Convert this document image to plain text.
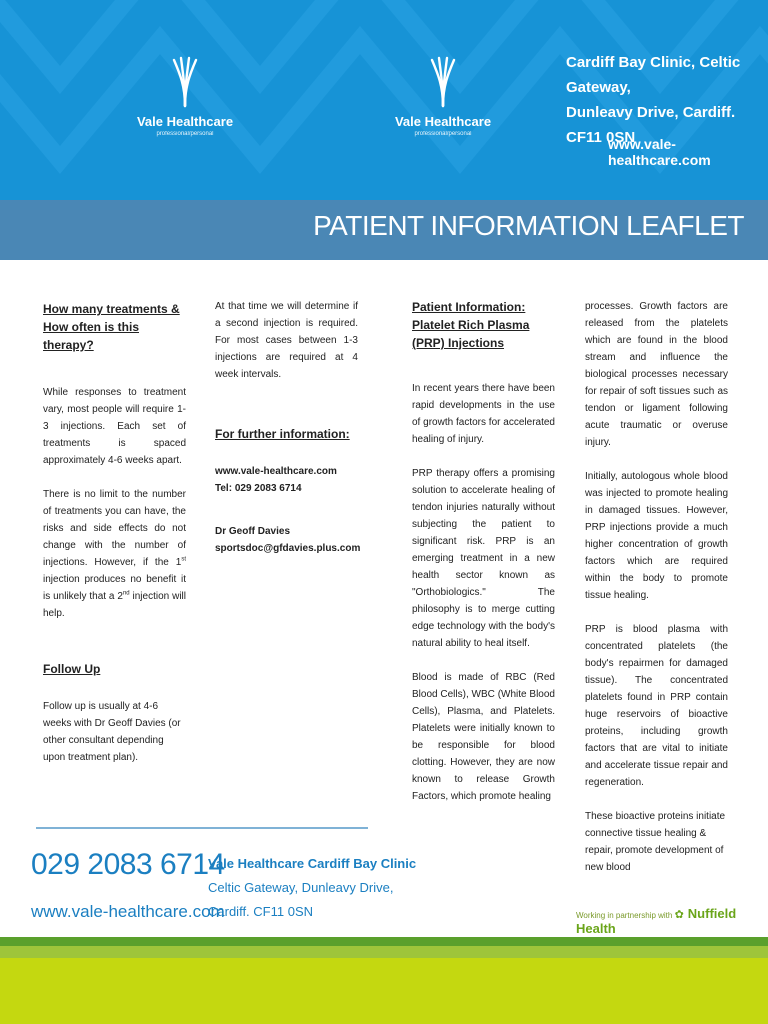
Vale Healthcare
professional/personal
Vale Healthcare
professional/personal
Cardiff Bay Clinic, Celtic Gateway,
Dunleavy Drive, Cardiff. CF11 0SN
www.vale-healthcare.com
PATIENT INFORMATION LEAFLET
How many treatments & How often is this therapy?

While responses to treatment vary, most people will require 1-3 injections. Each set of treatments is spaced approximately 4-6 weeks apart.

There is no limit to the number of treatments you can have, the risks and side effects do not change with the number of injections. However, if the 1st injection produces no benefit it is unlikely that a 2nd injection will help.

Follow Up

Follow up is usually at 4-6 weeks with Dr Geoff Davies (or other consultant depending upon treatment plan).

At that time we will determine if a second injection is required. For most cases between 1-3 injections are required at 4 week intervals.

For further information:
www.vale-healthcare.com
Tel: 029 2083 6714
Dr Geoff Davies
sportsdoc@gfdavies.plus.com
Patient Information: Platelet Rich Plasma (PRP) Injections

In recent years there have been rapid developments in the use of growth factors for accelerated healing of injury.

PRP therapy offers a promising solution to accelerate healing of tendon injuries naturally without subjecting the patient to significant risk. PRP is an emerging treatment in a new health sector known as "Orthobiologics." The philosophy is to merge cutting edge technology with the body's natural ability to heal itself.

Blood is made of RBC (Red Blood Cells), WBC (White Blood Cells), Plasma, and Platelets. Platelets were initially known to be responsible for blood clotting. However, they are now known to release Growth Factors, which promote healing

processes. Growth factors are released from the platelets which are found in the blood stream and influence the biological processes necessary for repair of soft tissues such as tendon or ligament following acute traumatic or overuse injury.

Initially, autologous whole blood was injected to promote healing in damaged tissues. However, PRP injections provide a much higher concentration of growth factors which are required within the body to promote tissue healing.

PRP is blood plasma with concentrated platelets (the body's repairmen for damaged tissue). The concentrated platelets found in PRP contain huge reservoirs of bioactive proteins, including growth factors that are vital to initiate and accelerate tissue repair and regeneration.

These bioactive proteins initiate connective tissue healing & repair, promote development of new blood

029 2083 6714
www.vale-healthcare.com
Vale Healthcare Cardiff Bay Clinic
Celtic Gateway, Dunleavy Drive,
Cardiff. CF11 0SN	Working in partnership with ✿ Nuffield Health
